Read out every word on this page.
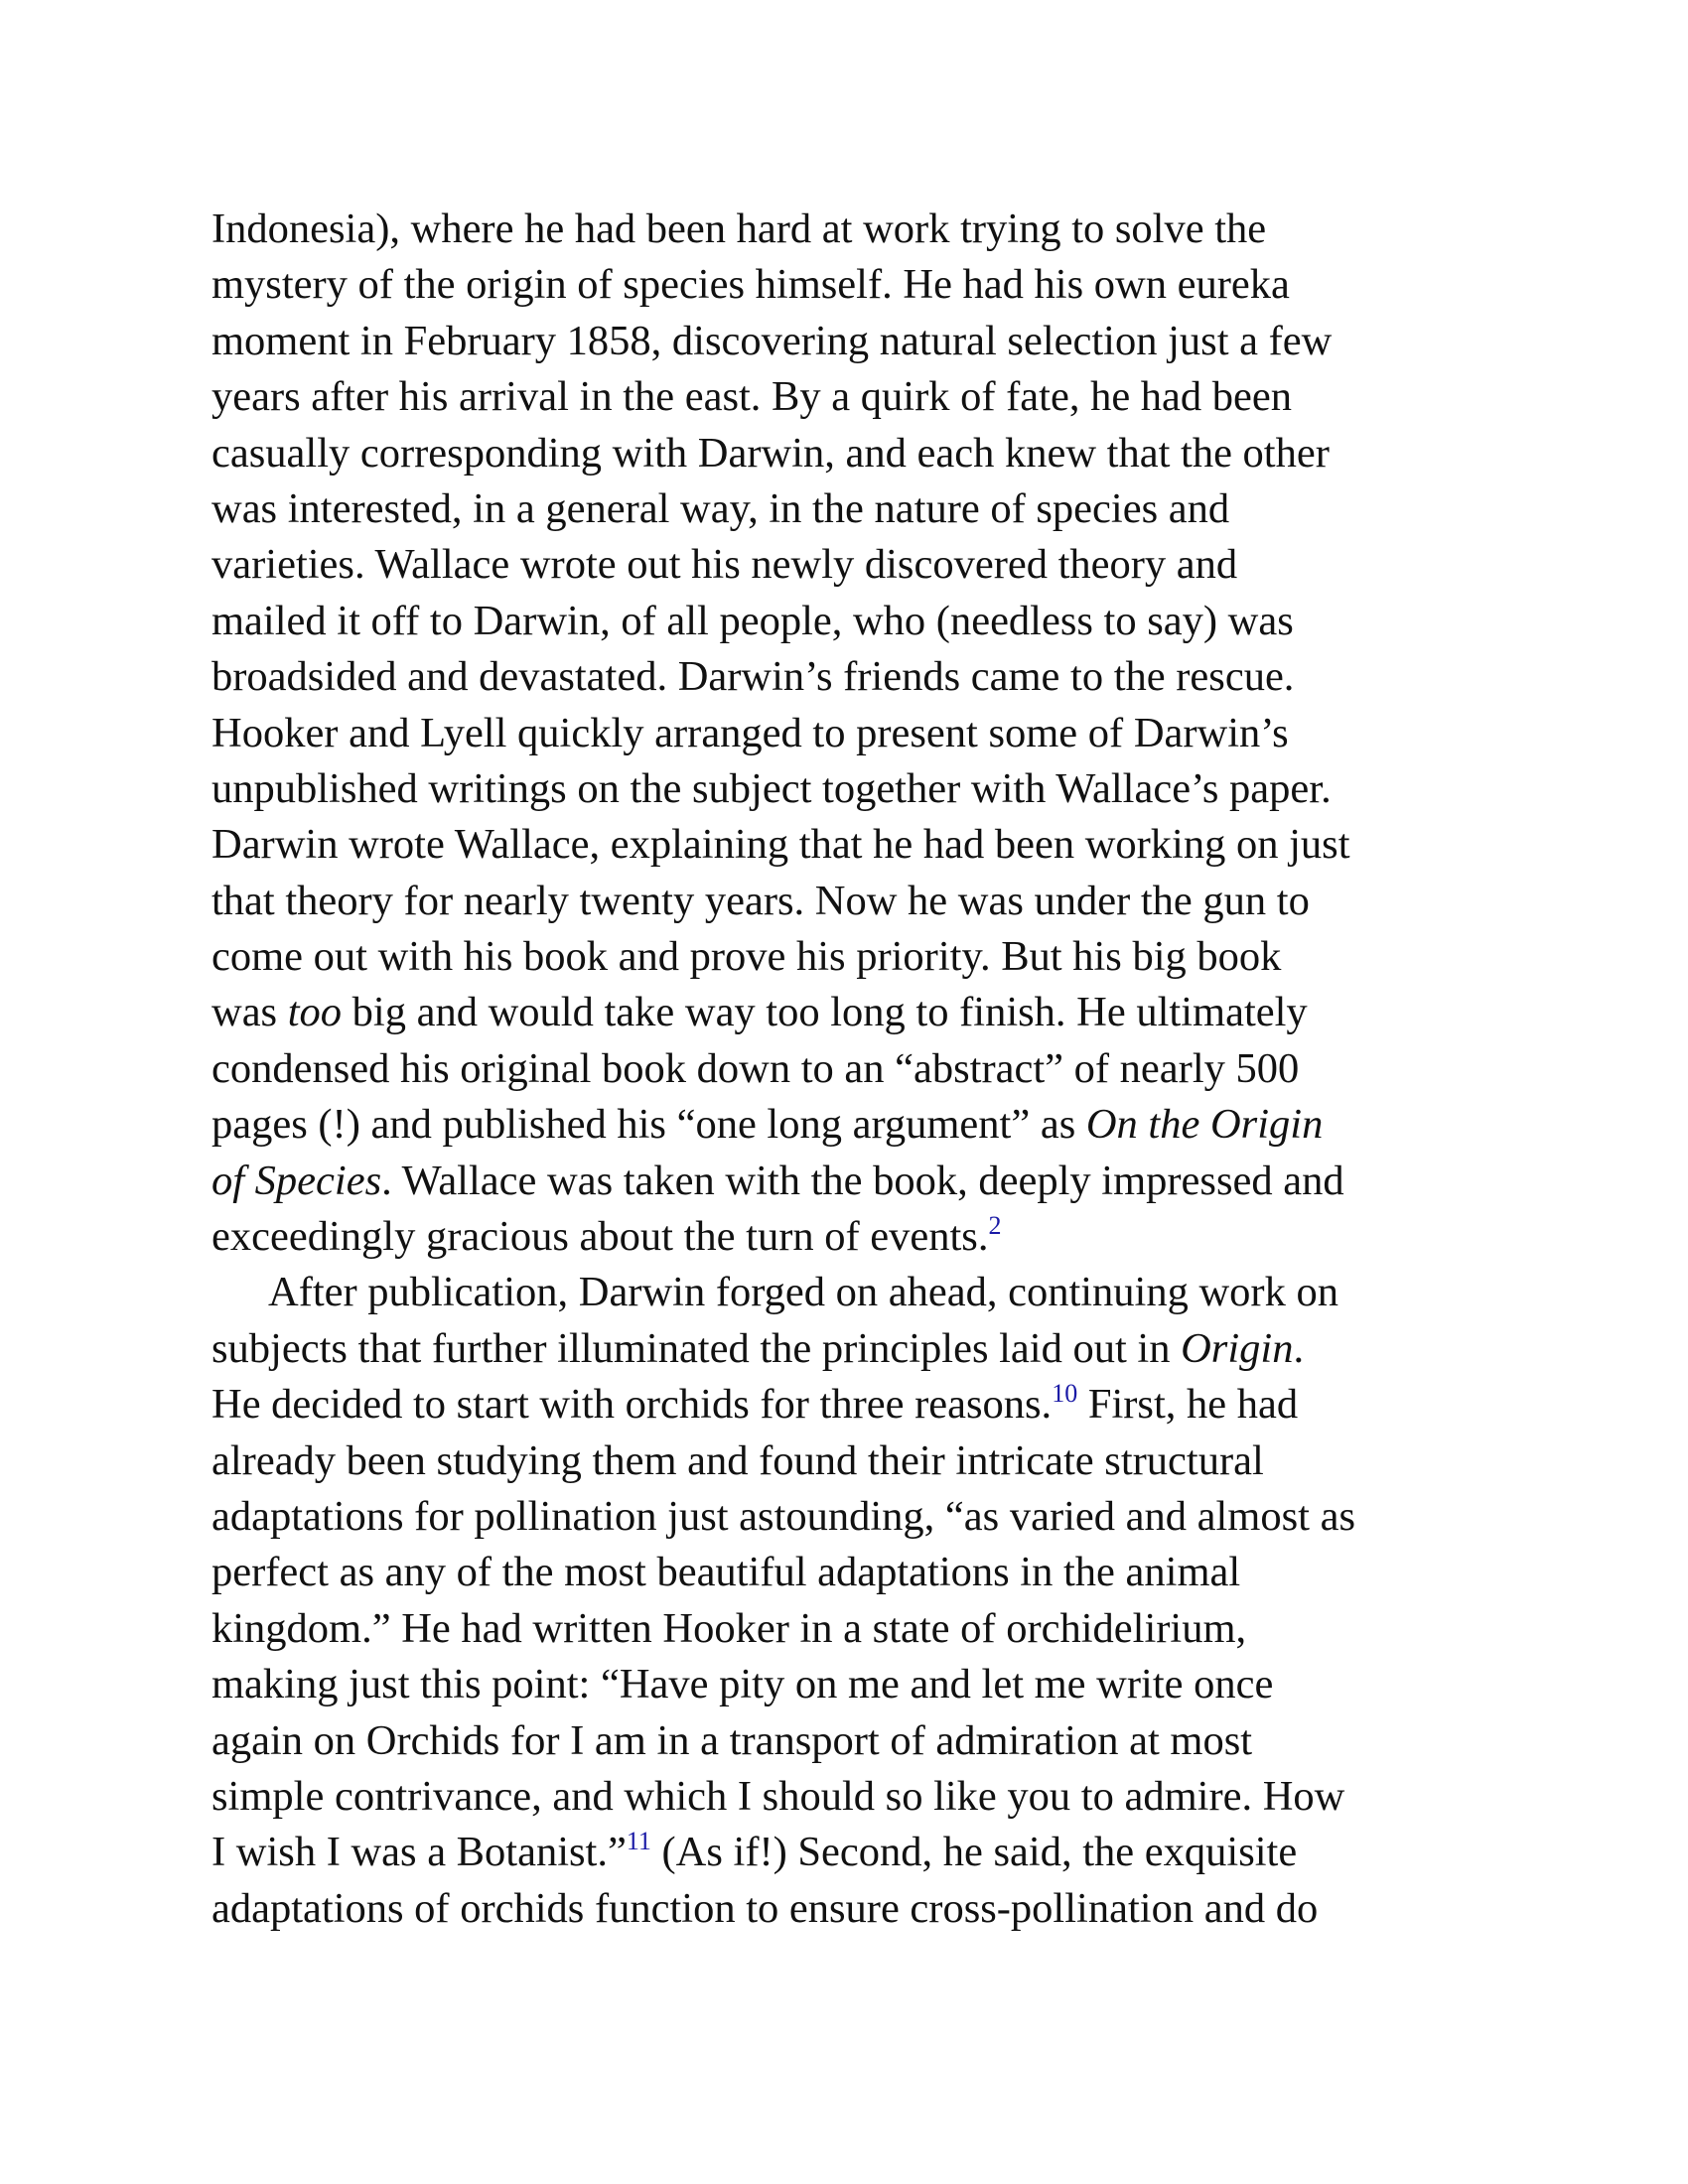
Indonesia), where he had been hard at work trying to solve the
mystery of the origin of species himself. He had his own eureka
moment in February 1858, discovering natural selection just a few
years after his arrival in the east. By a quirk of fate, he had been
casually corresponding with Darwin, and each knew that the other
was interested, in a general way, in the nature of species and
varieties. Wallace wrote out his newly discovered theory and
mailed it off to Darwin, of all people, who (needless to say) was
broadsided and devastated. Darwin’s friends came to the rescue.
Hooker and Lyell quickly arranged to present some of Darwin’s
unpublished writings on the subject together with Wallace’s paper.
Darwin wrote Wallace, explaining that he had been working on just
that theory for nearly twenty years. Now he was under the gun to
come out with his book and prove his priority. But his big book
was too big and would take way too long to finish. He ultimately
condensed his original book down to an “abstract” of nearly 500
pages (!) and published his “one long argument” as On the Origin
of Species. Wallace was taken with the book, deeply impressed and
exceedingly gracious about the turn of events.$^2$
After publication, Darwin forged on ahead, continuing work on
subjects that further illuminated the principles laid out in Origin.
He decided to start with orchids for three reasons.$^{10}$ First, he had
already been studying them and found their intricate structural
adaptations for pollination just astounding, “as varied and almost as
perfect as any of the most beautiful adaptations in the animal
kingdom.” He had written Hooker in a state of orchidelirium,
making just this point: “Have pity on me and let me write once
again on Orchids for I am in a transport of admiration at most
simple contrivance, and which I should so like you to admire. How
I wish I was a Botanist.”$^{11}$ (As if!) Second, he said, the exquisite
adaptations of orchids function to ensure cross-pollination and do
